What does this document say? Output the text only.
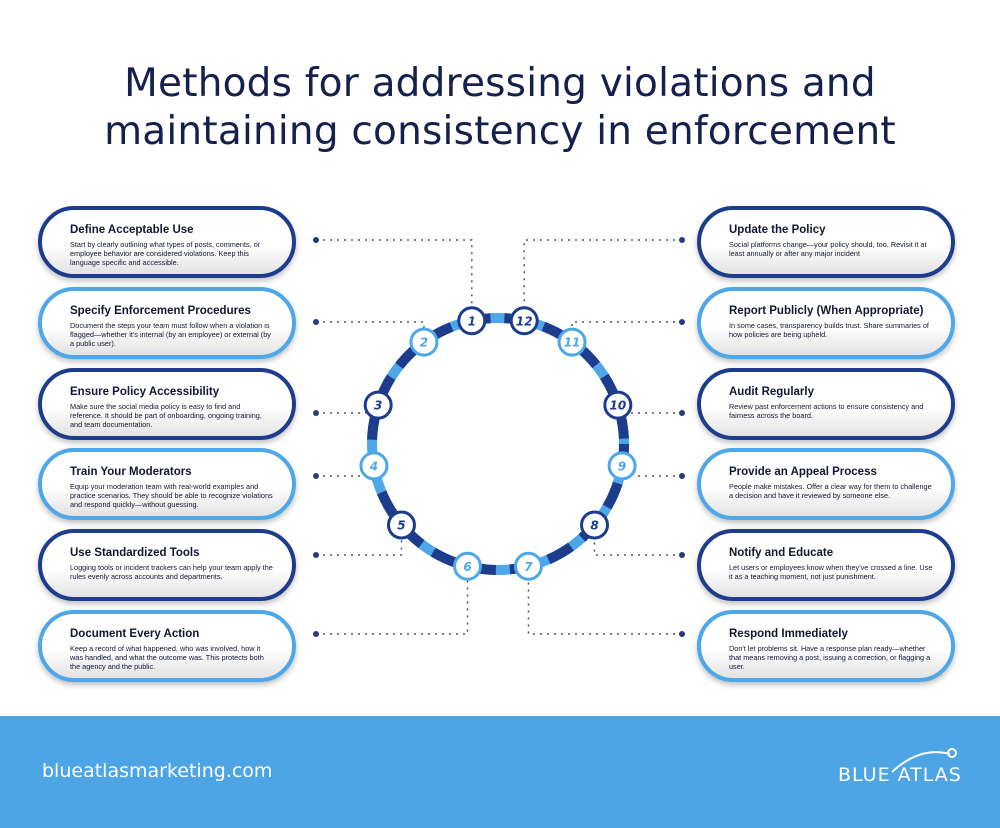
Methods for addressing violations and
maintaining consistency in enforcement
1
2
3
4
5
6	7
8
9
10
11
12
Define Acceptable Use
Start by clearly outlining what types of posts, comments, or employee behavior are considered violations. Keep this language specific and accessible.
Specify Enforcement Procedures
Document the steps your team must follow when a violation is flagged—whether it's internal (by an employee) or external (by a public user).
Ensure Policy Accessibility
Make sure the social media policy is easy to find and reference. It should be part of onboarding, ongoing training, and team documentation.
Train Your Moderators
Equip your moderation team with real-world examples and practice scenarios. They should be able to recognize violations and respond quickly—without guessing.
Use Standardized Tools
Logging tools or incident trackers can help your team apply the rules evenly across accounts and departments.
Document Every Action
Keep a record of what happened, who was involved, how it was handled, and what the outcome was. This protects both the agency and the public.
Update the Policy
Social platforms change—your policy should, too. Revisit it at least annually or after any major incident
Report Publicly (When Appropriate)
In some cases, transparency builds trust. Share summaries of how policies are being upheld.
Audit Regularly
Review past enforcement actions to ensure consistency and fairness across the board.
Provide an Appeal Process
People make mistakes. Offer a clear way for them to challenge a decision and have it reviewed by someone else.
Notify and Educate
Let users or employees know when they've crossed a line. Use it as a teaching moment, not just punishment.
Respond Immediately
Don't let problems sit. Have a response plan ready—whether that means removing a post, issuing a correction, or flagging a user.
blueatlasmarketing.com	BLUE ATLAS
